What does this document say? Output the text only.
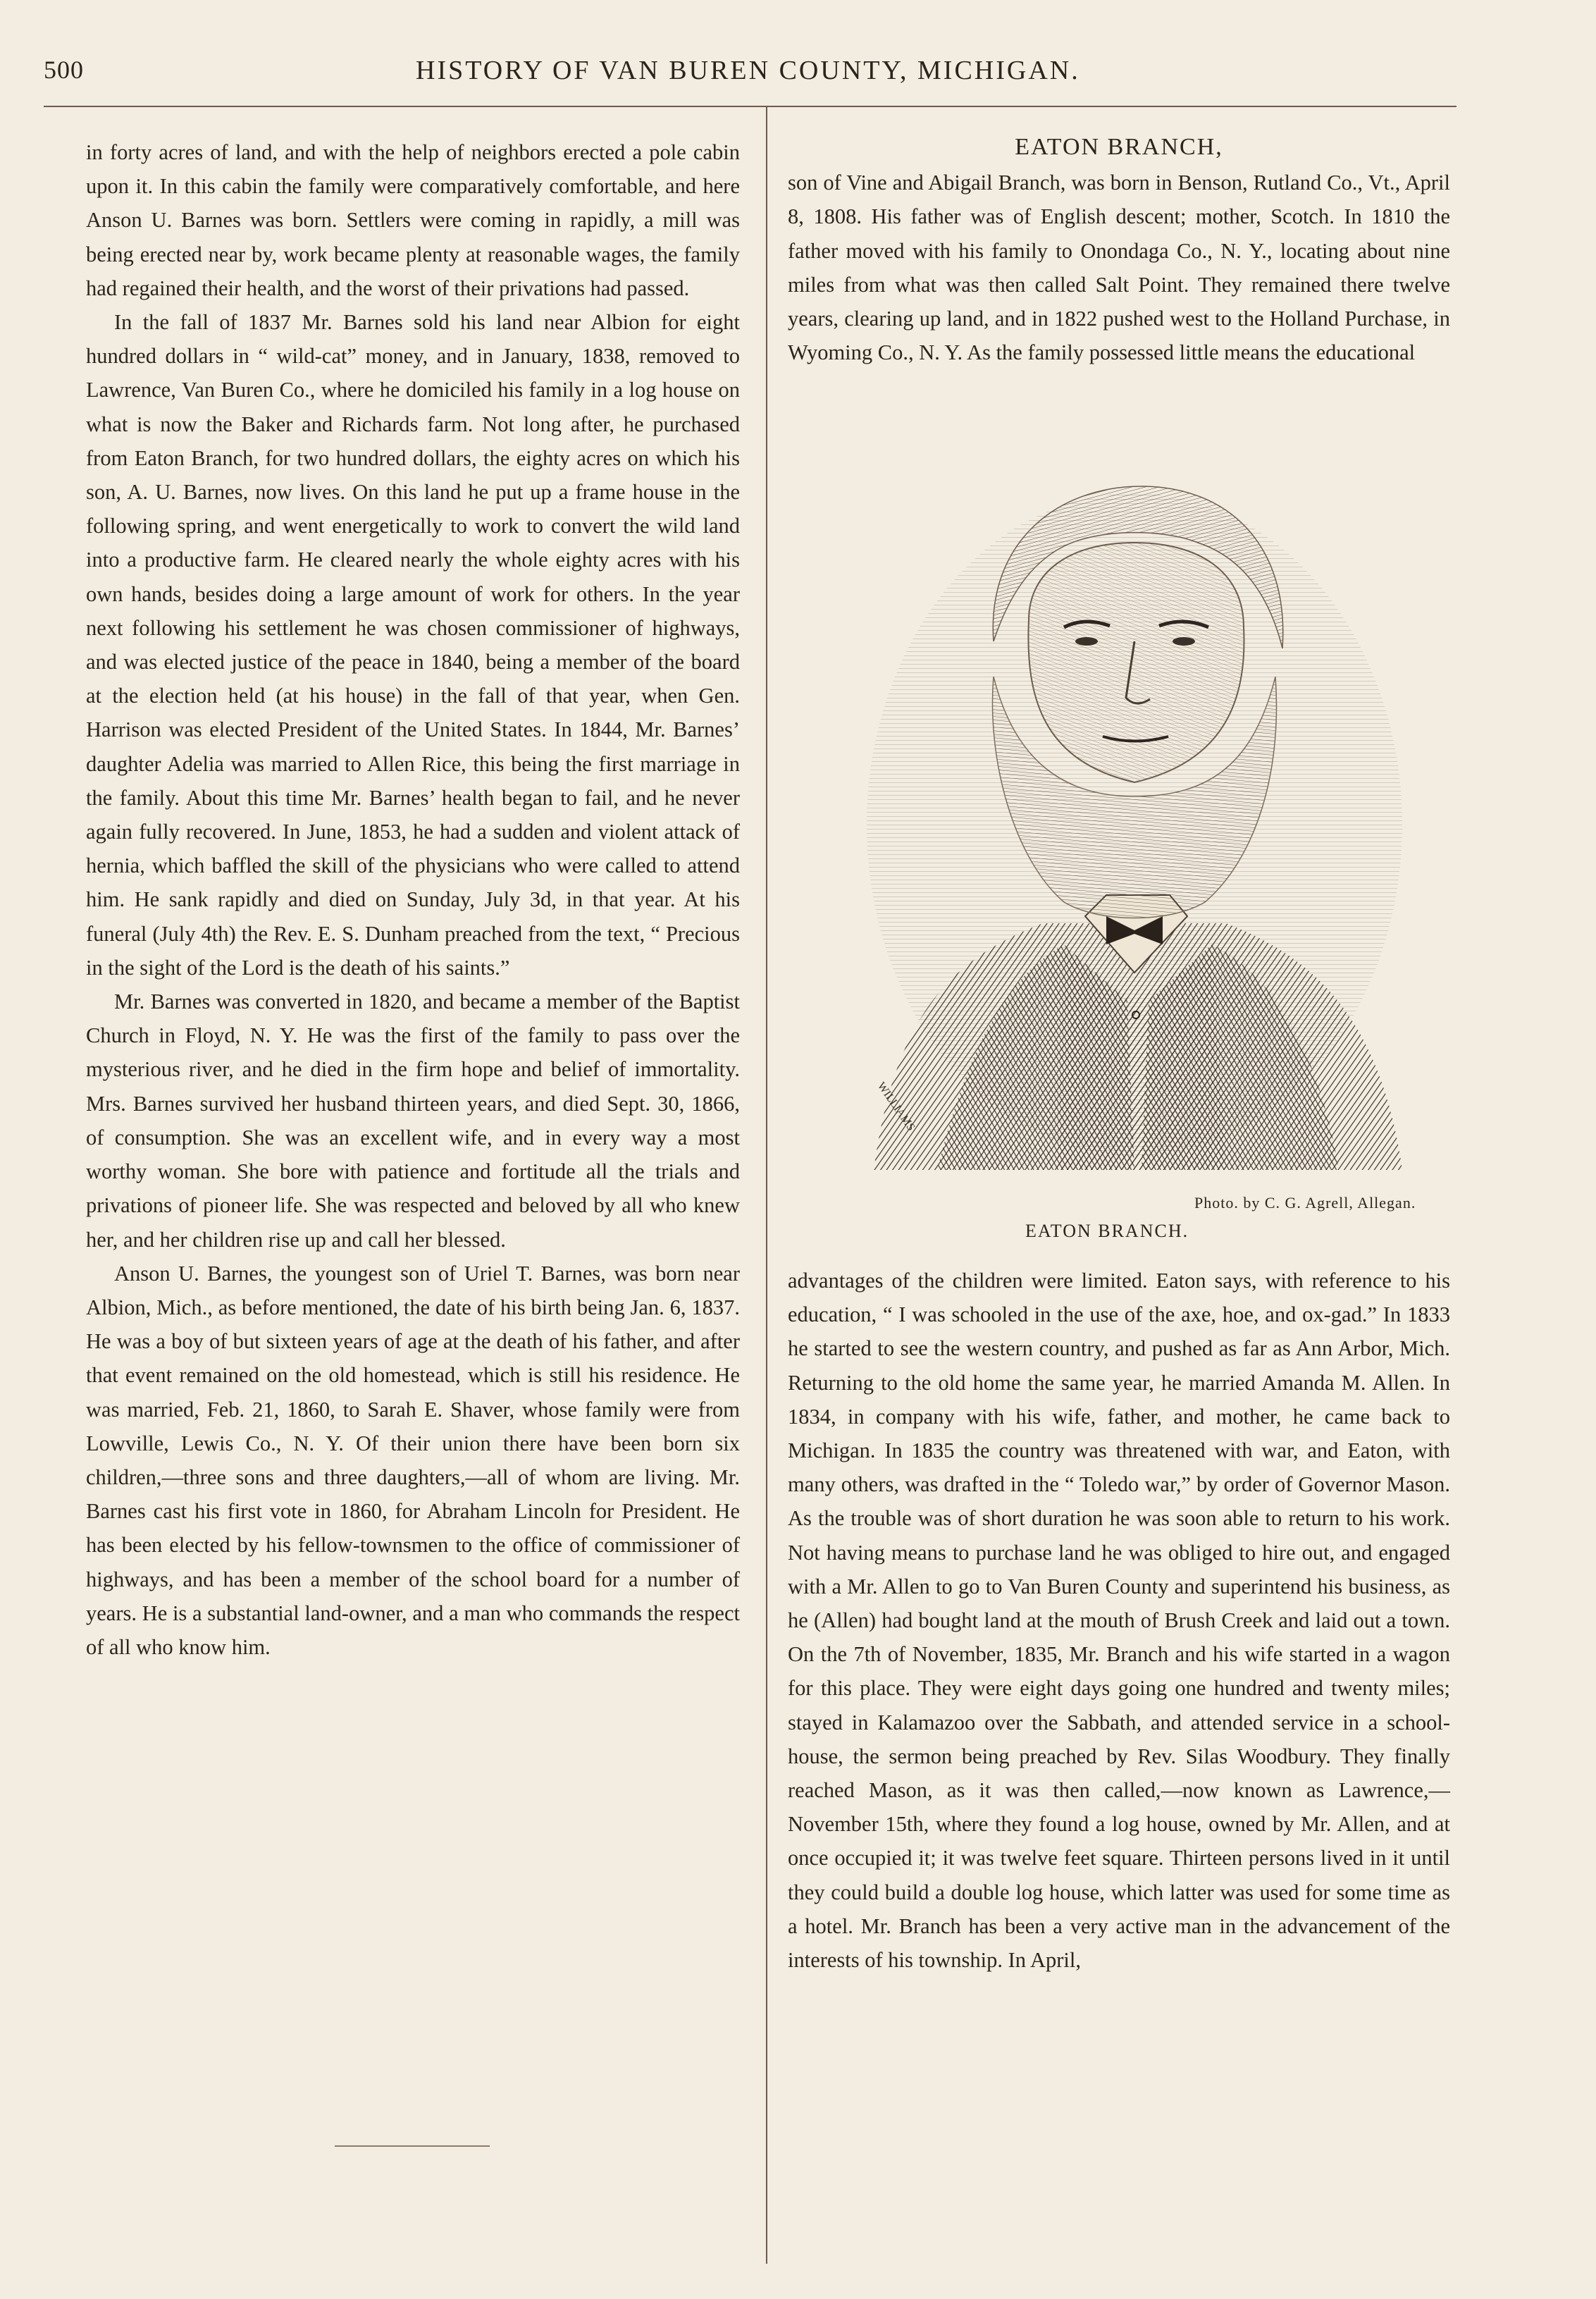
500	HISTORY OF VAN BUREN COUNTY, MICHIGAN.

in forty acres of land, and with the help of neighbors erected a pole cabin upon it. In this cabin the family were comparatively comfortable, and here Anson U. Barnes was born. Settlers were coming in rapidly, a mill was being erected near by, work became plenty at reasonable wages, the family had regained their health, and the worst of their privations had passed.

In the fall of 1837 Mr. Barnes sold his land near Albion for eight hundred dollars in “ wild-cat” money, and in January, 1838, removed to Lawrence, Van Buren Co., where he domiciled his family in a log house on what is now the Baker and Richards farm. Not long after, he purchased from Eaton Branch, for two hundred dollars, the eighty acres on which his son, A. U. Barnes, now lives. On this land he put up a frame house in the following spring, and went energetically to work to convert the wild land into a productive farm. He cleared nearly the whole eighty acres with his own hands, besides doing a large amount of work for others. In the year next following his settlement he was chosen commissioner of highways, and was elected justice of the peace in 1840, being a member of the board at the election held (at his house) in the fall of that year, when Gen. Harrison was elected President of the United States. In 1844, Mr. Barnes’ daughter Adelia was married to Allen Rice, this being the first marriage in the family. About this time Mr. Barnes’ health began to fail, and he never again fully recovered. In June, 1853, he had a sudden and violent attack of hernia, which baffled the skill of the physicians who were called to attend him. He sank rapidly and died on Sunday, July 3d, in that year. At his funeral (July 4th) the Rev. E. S. Dunham preached from the text, “ Precious in the sight of the Lord is the death of his saints.”

Mr. Barnes was converted in 1820, and became a member of the Baptist Church in Floyd, N. Y. He was the first of the family to pass over the mysterious river, and he died in the firm hope and belief of immortality. Mrs. Barnes survived her husband thirteen years, and died Sept. 30, 1866, of consumption. She was an excellent wife, and in every way a most worthy woman. She bore with patience and fortitude all the trials and privations of pioneer life. She was respected and beloved by all who knew her, and her children rise up and call her blessed.

Anson U. Barnes, the youngest son of Uriel T. Barnes, was born near Albion, Mich., as before mentioned, the date of his birth being Jan. 6, 1837. He was a boy of but sixteen years of age at the death of his father, and after that event remained on the old homestead, which is still his residence. He was married, Feb. 21, 1860, to Sarah E. Shaver, whose family were from Lowville, Lewis Co., N. Y. Of their union there have been born six children,—three sons and three daughters,—all of whom are living. Mr. Barnes cast his first vote in 1860, for Abraham Lincoln for President. He has been elected by his fellow-townsmen to the office of commissioner of highways, and has been a member of the school board for a number of years. He is a substantial land-owner, and a man who commands the respect of all who know him.

EATON BRANCH,

son of Vine and Abigail Branch, was born in Benson, Rutland Co., Vt., April 8, 1808. His father was of English descent; mother, Scotch. In 1810 the father moved with his family to Onondaga Co., N. Y., locating about nine miles from what was then called Salt Point. They remained there twelve years, clearing up land, and in 1822 pushed west to the Holland Purchase, in Wyoming Co., N. Y. As the family possessed little means the educational

WILLIAMS
Photo. by C. G. Agrell, Allegan.
EATON BRANCH.

advantages of the children were limited. Eaton says, with reference to his education, “ I was schooled in the use of the axe, hoe, and ox-gad.” In 1833 he started to see the western country, and pushed as far as Ann Arbor, Mich. Returning to the old home the same year, he married Amanda M. Allen. In 1834, in company with his wife, father, and mother, he came back to Michigan. In 1835 the country was threatened with war, and Eaton, with many others, was drafted in the “ Toledo war,” by order of Governor Mason. As the trouble was of short duration he was soon able to return to his work. Not having means to purchase land he was obliged to hire out, and engaged with a Mr. Allen to go to Van Buren County and superintend his business, as he (Allen) had bought land at the mouth of Brush Creek and laid out a town. On the 7th of November, 1835, Mr. Branch and his wife started in a wagon for this place. They were eight days going one hundred and twenty miles; stayed in Kalamazoo over the Sabbath, and attended service in a school-house, the sermon being preached by Rev. Silas Woodbury. They finally reached Mason, as it was then called,—now known as Lawrence,—November 15th, where they found a log house, owned by Mr. Allen, and at once occupied it; it was twelve feet square. Thirteen persons lived in it until they could build a double log house, which latter was used for some time as a hotel. Mr. Branch has been a very active man in the advancement of the interests of his township. In April,
